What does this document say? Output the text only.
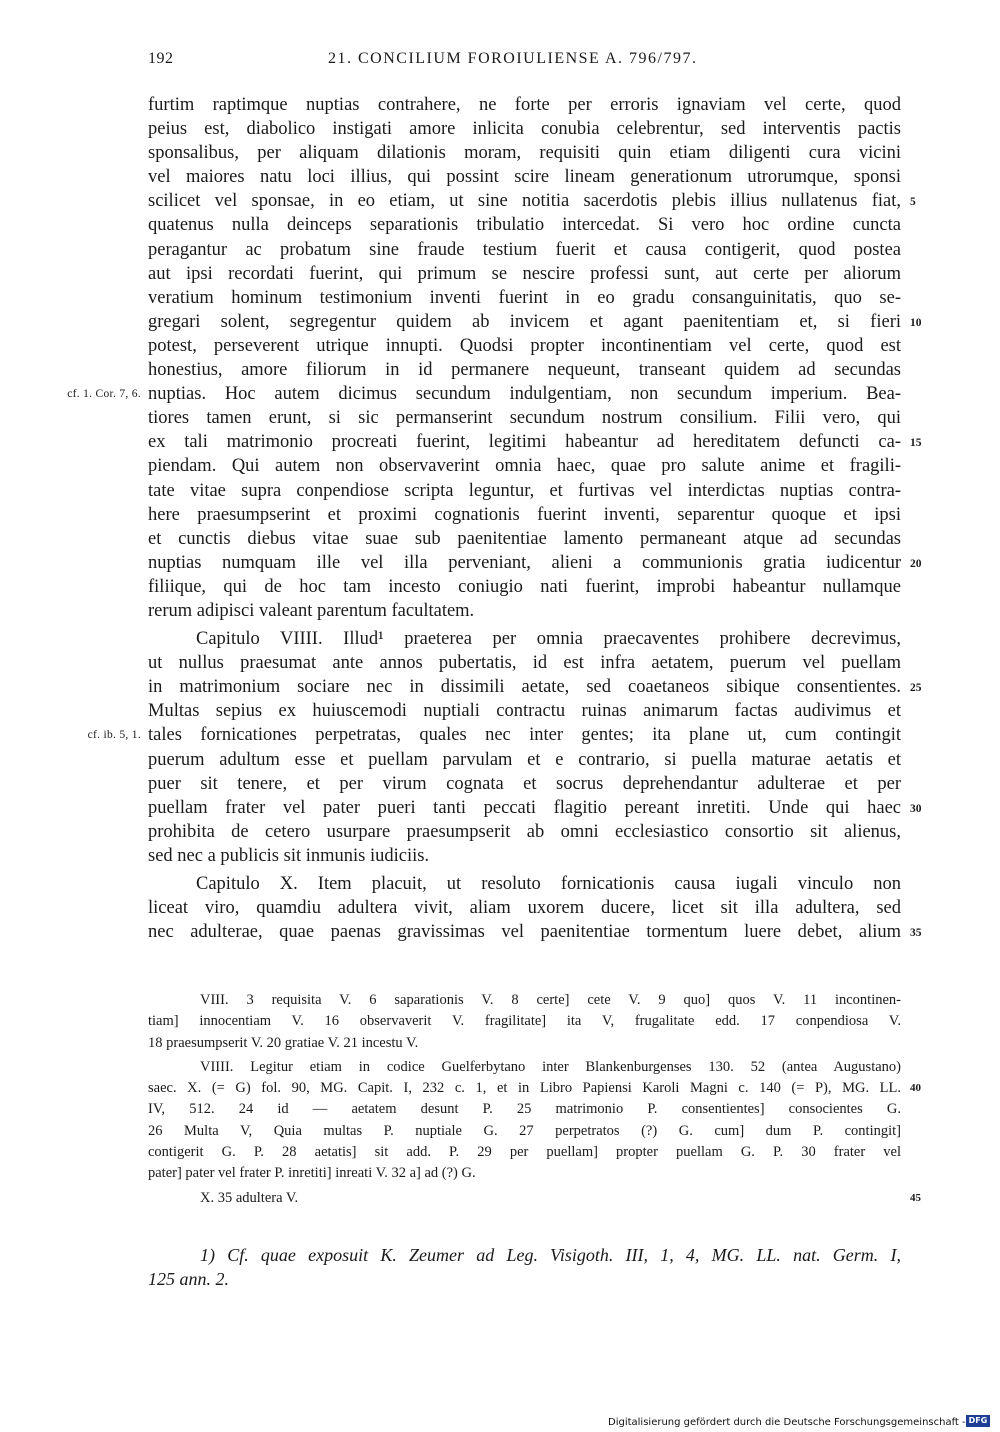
192	21. CONCILIUM FOROIULIENSE A. 796/797.
furtim raptimque nuptias contrahere, ne forte per erroris ignaviam vel certe, quod
peius est, diabolico instigati amore inlicita conubia celebrentur, sed interventis pactis
sponsalibus, per aliquam dilationis moram, requisiti quin etiam diligenti cura vicini
vel maiores natu loci illius, qui possint scire lineam generationum utrorumque, sponsi
scilicet vel sponsae, in eo etiam, ut sine notitia sacerdotis plebis illius nullatenus fiat, 5
quatenus nulla deinceps separationis tribulatio intercedat. Si vero hoc ordine cuncta
peragantur ac probatum sine fraude testium fuerit et causa contigerit, quod postea
aut ipsi recordati fuerint, qui primum se nescire professi sunt, aut certe per aliorum
veratium hominum testimonium inventi fuerint in eo gradu consanguinitatis, quo se-
gregari solent, segregentur quidem ab invicem et agant paenitentiam et, si fieri 10
potest, perseverent utrique innupti. Quodsi propter incontinentiam vel certe, quod est
honestius, amore filiorum in id permanere nequeunt, transeant quidem ad secundas
nuptias. Hoc autem dicimus secundum indulgentiam, non secundum imperium. Bea-
cf. 1. Cor. 7, 6.
tiores tamen erunt, si sic permanserint secundum nostrum consilium. Filii vero, qui
ex tali matrimonio procreati fuerint, legitimi habeantur ad hereditatem defuncti ca- 15
piendam. Qui autem non observaverint omnia haec, quae pro salute anime et fragili-
tate vitae supra conpendiose scripta leguntur, et furtivas vel interdictas nuptias contra-
here praesumpserint et proximi cognationis fuerint inventi, separentur quoque et ipsi
et cunctis diebus vitae suae sub paenitentiae lamento permaneant atque ad secundas
nuptias numquam ille vel illa perveniant, alieni a communionis gratia iudicentur 20
filiique, qui de hoc tam incesto coniugio nati fuerint, improbi habeantur nullamque
rerum adipisci valeant parentum facultatem.
Capitulo VIIII. Illud¹ praeterea per omnia praecaventes prohibere decrevimus,
ut nullus praesumat ante annos pubertatis, id est infra aetatem, puerum vel puellam
in matrimonium sociare nec in dissimili aetate, sed coaetaneos sibique consentientes. 25
Multas sepius ex huiuscemodi nuptiali contractu ruinas animarum factas audivimus et
tales fornicationes perpetratas, quales nec inter gentes; ita plane ut, cum contingit
cf. ib. 5, 1.
puerum adultum esse et puellam parvulam et e contrario, si puella maturae aetatis et
puer sit tenere, et per virum cognata et socrus deprehendantur adulterae et per
puellam frater vel pater pueri tanti peccati flagitio pereant inretiti. Unde qui haec 30
prohibita de cetero usurpare praesumpserit ab omni ecclesiastico consortio sit alienus,
sed nec a publicis sit inmunis iudiciis.
Capitulo X. Item placuit, ut resoluto fornicationis causa iugali vinculo non
liceat viro, quamdiu adultera vivit, aliam uxorem ducere, licet sit illa adultera, sed
nec adulterae, quae paenas gravissimas vel paenitentiae tormentum luere debet, alium 35
VIII. 3 requisita V. 6 saparationis V. 8 certe] cete V. 9 quo] quos V. 11 incontinen-
tiam] innocentiam V. 16 observaverit V. fragilitate] ita V, frugalitate edd. 17 conpendiosa V.
18 praesumpserit V. 20 gratiae V. 21 incestu V.
VIIII. Legitur etiam in codice Guelferbytano inter Blankenburgenses 130. 52 (antea Augustano)
saec. X. (= G) fol. 90, MG. Capit. I, 232 c. 1, et in Libro Papiensi Karoli Magni c. 140 (= P), MG. LL. 40
IV, 512. 24 id — aetatem desunt P. 25 matrimonio P. consentientes] consocientes G.
26 Multa V, Quia multas P. nuptiale G. 27 perpetratos (?) G. cum] dum P. contingit]
contigerit G. P. 28 aetatis] sit add. P. 29 per puellam] propter puellam G. P. 30 frater vel
pater] pater vel frater P. inretiti] inreati V. 32 a] ad (?) G.
X. 35 adultera V.	45
1) Cf. quae exposuit K. Zeumer ad Leg. Visigoth. III, 1, 4, MG. LL. nat. Germ. I,
125 ann. 2.
Digitalisierung gefördert durch die Deutsche Forschungsgemeinschaft - DFG
